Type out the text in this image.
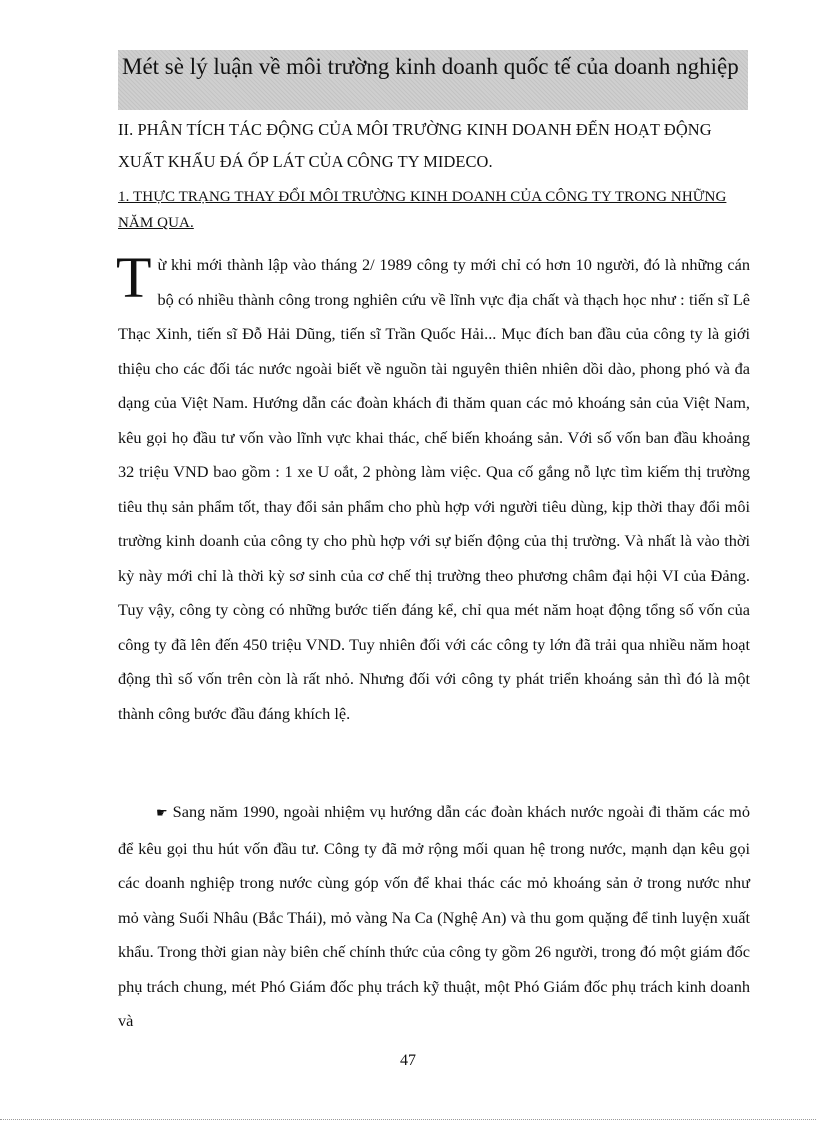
Mét sè lý luận về môi trường kinh doanh quốc tế của doanh nghiệp
II. PHÂN TÍCH TÁC ĐỘNG CỦA MÔI TRƯỜNG KINH DOANH ĐẾN HOẠT ĐỘNG XUẤT KHẨU ĐÁ ỐP LÁT CỦA CÔNG TY MIDECO.
1. THỰC TRẠNG THAY ĐỔI MÔI TRƯỜNG KINH DOANH CỦA CÔNG TY TRONG NHỮNG NĂM QUA.
Từ khi mới thành lập vào tháng 2/ 1989 công ty mới chỉ có hơn 10 người, đó là những cán bộ có nhiều thành công trong nghiên cứu về lĩnh vực địa chất và thạch học như : tiến sĩ Lê Thạc Xinh, tiến sĩ Đỗ Hải Dũng, tiến sĩ Trần Quốc Hải... Mục đích ban đầu của công ty là giới thiệu cho các đối tác nước ngoài biết về nguồn tài nguyên thiên nhiên dồi dào, phong phó và đa dạng của Việt Nam. Hướng dẫn các đoàn khách đi thăm quan các mỏ khoáng sản của Việt Nam, kêu gọi họ đầu tư vốn vào lĩnh vực khai thác, chế biến khoáng sản. Với số vốn ban đầu khoảng 32 triệu VND bao gồm : 1 xe U oắt, 2 phòng làm việc. Qua cố gắng nỗ lực tìm kiếm thị trường tiêu thụ sản phẩm tốt, thay đổi sản phẩm cho phù hợp với người tiêu dùng, kịp thời thay đổi môi trường kinh doanh của công ty cho phù hợp với sự biến động của thị trường. Và nhất là vào thời kỳ này mới chỉ là thời kỳ sơ sinh của cơ chế thị trường theo phương châm đại hội VI của Đảng. Tuy vậy, công ty còng có những bước tiến đáng kể, chỉ qua mét năm hoạt động tổng số vốn của công ty đã lên đến 450 triệu VND. Tuy nhiên đối với các công ty lớn đã trải qua nhiều năm hoạt động thì số vốn trên còn là rất nhỏ. Nhưng đối với công ty phát triển khoáng sản thì đó là một thành công bước đầu đáng khích lệ.
☛ Sang năm 1990, ngoài nhiệm vụ hướng dẫn các đoàn khách nước ngoài đi thăm các mỏ để kêu gọi thu hút vốn đầu tư. Công ty đã mở rộng mối quan hệ trong nước, mạnh dạn kêu gọi các doanh nghiệp trong nước cùng góp vốn để khai thác các mỏ khoáng sản ở trong nước như mỏ vàng Suối Nhâu (Bắc Thái), mỏ vàng Na Ca (Nghệ An) và thu gom quặng để tinh luyện xuất khẩu. Trong thời gian này biên chế chính thức của công ty gồm 26 người, trong đó một giám đốc phụ trách chung, mét Phó Giám đốc phụ trách kỹ thuật, một Phó Giám đốc phụ trách kinh doanh và
47
